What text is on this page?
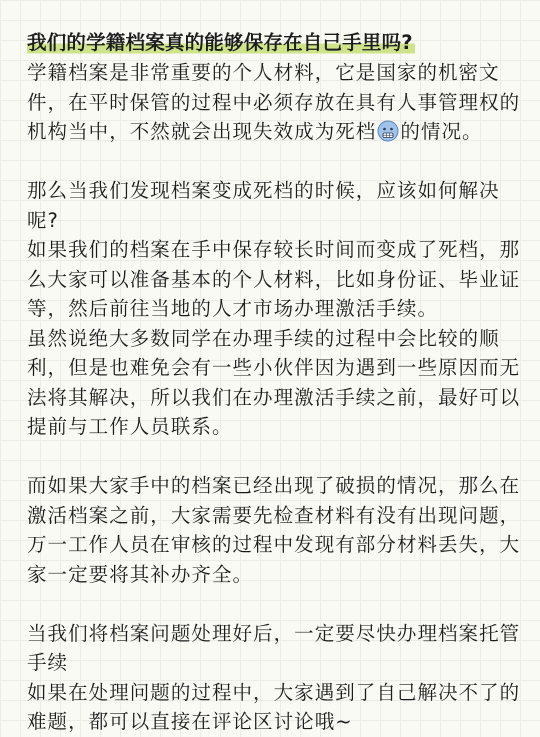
我们的学籍档案真的能够保存在自己手里吗?

学籍档案是非常重要的个人材料，它是国家的机密文件，在平时保管的过程中必须存放在具有人事管理权的机构当中，不然就会出现失效成为死档 的情况。

那么当我们发现档案变成死档的时候，应该如何解决呢?

如果我们的档案在手中保存较长时间而变成了死档，那么大家可以准备基本的个人材料，比如身份证、毕业证等，然后前往当地的人才市场办理激活手续。

虽然说绝大多数同学在办理手续的过程中会比较的顺利，但是也难免会有一些小伙伴因为遇到一些原因而无法将其解决，所以我们在办理激活手续之前，最好可以提前与工作人员联系。

而如果大家手中的档案已经出现了破损的情况，那么在激活档案之前，大家需要先检查材料有没有出现问题，万一工作人员在审核的过程中发现有部分材料丢失，大家一定要将其补办齐全。

当我们将档案问题处理好后，一定要尽快办理档案托管手续

如果在处理问题的过程中，大家遇到了自己解决不了的难题，都可以直接在评论区讨论哦~
